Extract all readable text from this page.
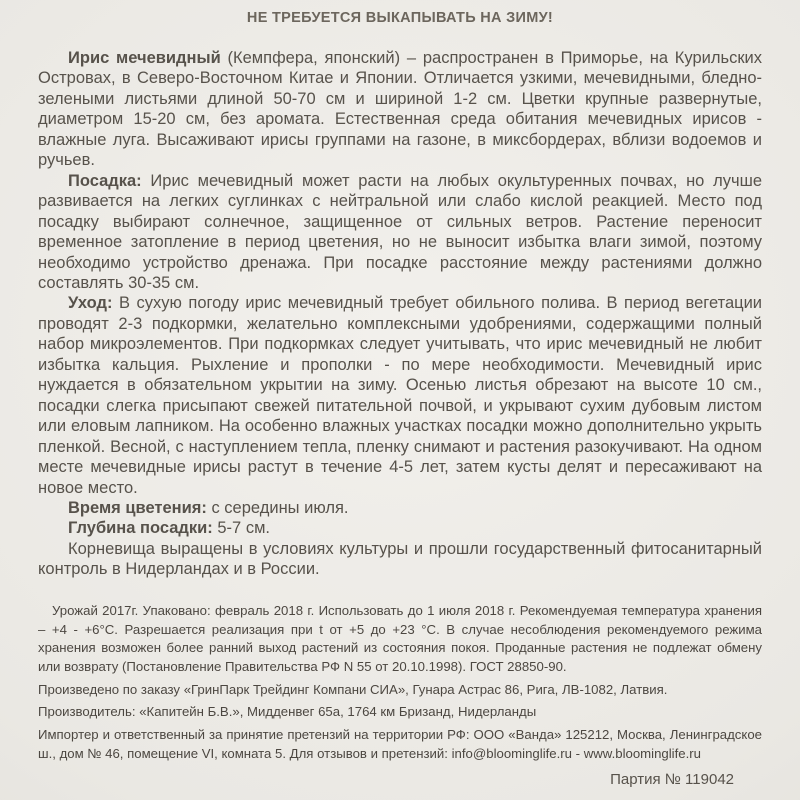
НЕ ТРЕБУЕТСЯ ВЫКАПЫВАТЬ НА ЗИМУ!

Ирис мечевидный (Кемпфера, японский) – распространен в Приморье, на Курильских Островах, в Северо-Восточном Китае и Японии. Отличается узкими, мечевидными, бледно-зелеными листьями длиной 50-70 см и шириной 1-2 см. Цветки крупные развернутые, диаметром 15-20 см, без аромата. Естественная среда обитания мечевидных ирисов - влажные луга. Высаживают ирисы группами на газоне, в миксбордерах, вблизи водоемов и ручьев.

Посадка: Ирис мечевидный может расти на любых окультуренных почвах, но лучше развивается на легких суглинках с нейтральной или слабо кислой реакцией. Место под посадку выбирают солнечное, защищенное от сильных ветров. Растение переносит временное затопление в период цветения, но не выносит избытка влаги зимой, поэтому необходимо устройство дренажа. При посадке расстояние между растениями должно составлять 30-35 см.

Уход: В сухую погоду ирис мечевидный требует обильного полива. В период вегетации проводят 2-3 подкормки, желательно комплексными удобрениями, содержащими полный набор микроэлементов. При подкормках следует учитывать, что ирис мечевидный не любит избытка кальция. Рыхление и прополки - по мере необходимости. Мечевидный ирис нуждается в обязательном укрытии на зиму. Осенью листья обрезают на высоте 10 см., посадки слегка присыпают свежей питательной почвой, и укрывают сухим дубовым листом или еловым лапником. На особенно влажных участках посадки можно дополнительно укрыть пленкой. Весной, с наступлением тепла, пленку снимают и растения разокучивают. На одном месте мечевидные ирисы растут в течение 4-5 лет, затем кусты делят и пересаживают на новое место.

Время цветения: с середины июля.

Глубина посадки: 5-7 см.

Корневища выращены в условиях культуры и прошли государственный фитосанитарный контроль в Нидерландах и в России.

Урожай 2017г. Упаковано: февраль 2018 г. Использовать до 1 июля 2018 г. Рекомендуемая температура хранения – +4 - +6°С. Разрешается реализация при t от +5 до +23 °С. В случае несоблюдения рекомендуемого режима хранения возможен более ранний выход растений из состояния покоя. Проданные растения не подлежат обмену или возврату (Постановление Правительства РФ N 55 от 20.10.1998). ГОСТ 28850-90.

Произведено по заказу «ГринПарк Трейдинг Компани СИА», Гунара Астрас 86, Рига, ЛВ-1082, Латвия.

Производитель: «Капитейн Б.В.», Мидденвег 65а, 1764 км Бризанд, Нидерланды

Импортер и ответственный за принятие претензий на территории РФ: ООО «Ванда» 125212, Москва, Ленинградское ш., дом № 46, помещение VI, комната 5. Для отзывов и претензий: info@bloominglife.ru - www.bloominglife.ru

Партия № 119042
